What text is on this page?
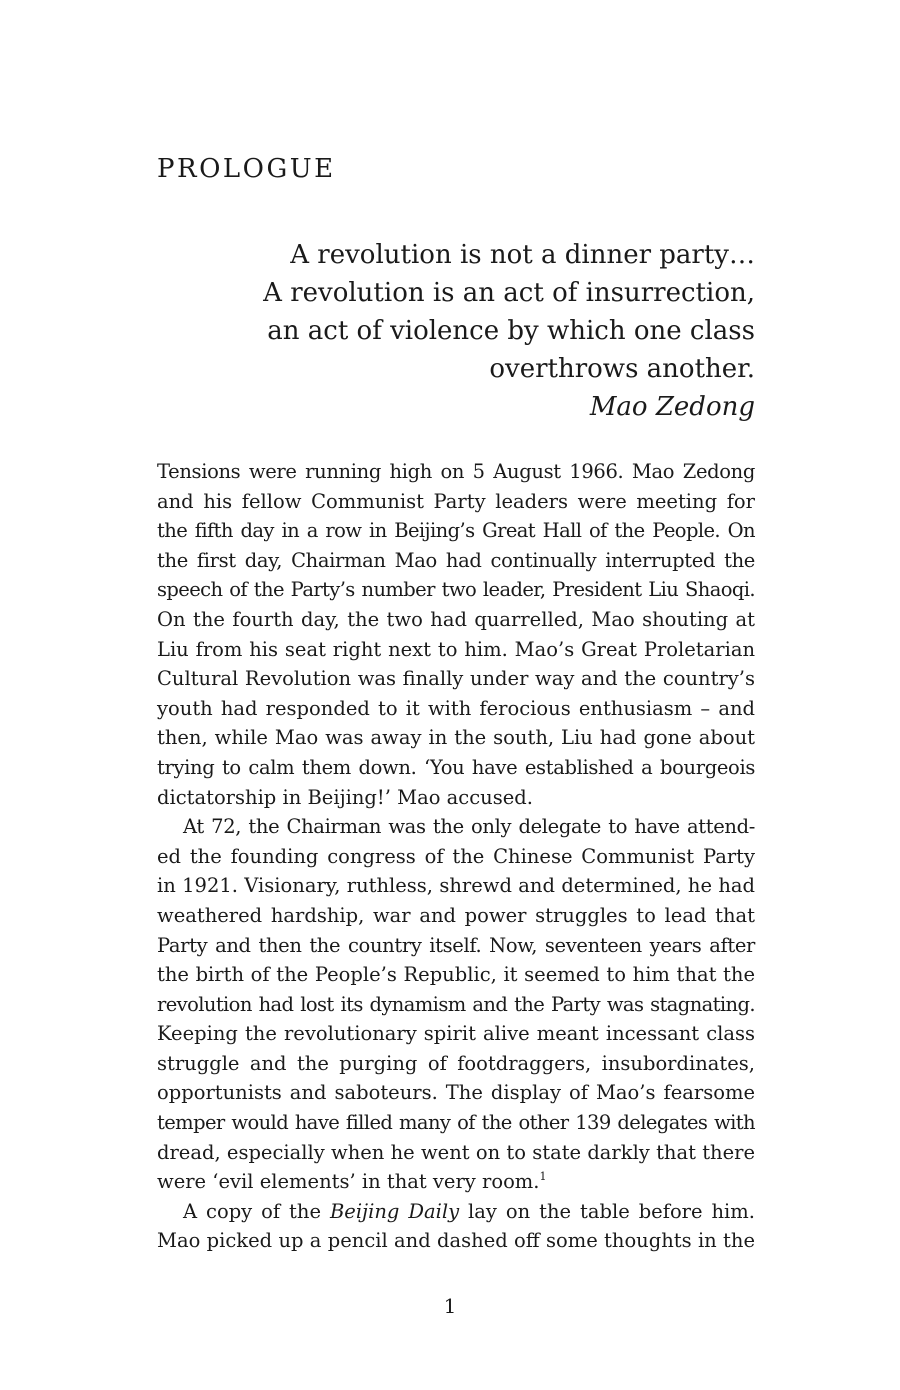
PROLOGUE
A revolution is not a dinner party…
A revolution is an act of insurrection,
an act of violence by which one class
overthrows another.
Mao Zedong
Tensions were running high on 5 August 1966. Mao Zedong
and his fellow Communist Party leaders were meeting for
the fifth day in a row in Beijing’s Great Hall of the People. On
the first day, Chairman Mao had continually interrupted the
speech of the Party’s number two leader, President Liu Shaoqi.
On the fourth day, the two had quarrelled, Mao shouting at
Liu from his seat right next to him. Mao’s Great Proletarian
Cultural Revolution was finally under way and the country’s
youth had responded to it with ferocious enthusiasm – and
then, while Mao was away in the south, Liu had gone about
trying to calm them down. ‘You have established a bourgeois
dictatorship in Beijing!’ Mao accused.
At 72, the Chairman was the only delegate to have attend-
ed the founding congress of the Chinese Communist Party
in 1921. Visionary, ruthless, shrewd and determined, he had
weathered hardship, war and power struggles to lead that
Party and then the country itself. Now, seventeen years after
the birth of the People’s Republic, it seemed to him that the
revolution had lost its dynamism and the Party was stagnating.
Keeping the revolutionary spirit alive meant incessant class
struggle and the purging of footdraggers, insubordinates,
opportunists and saboteurs. The display of Mao’s fearsome
temper would have filled many of the other 139 delegates with
dread, especially when he went on to state darkly that there
were ‘evil elements’ in that very room.$^1$
A copy of the Beijing Daily lay on the table before him.
Mao picked up a pencil and dashed off some thoughts in the
1
